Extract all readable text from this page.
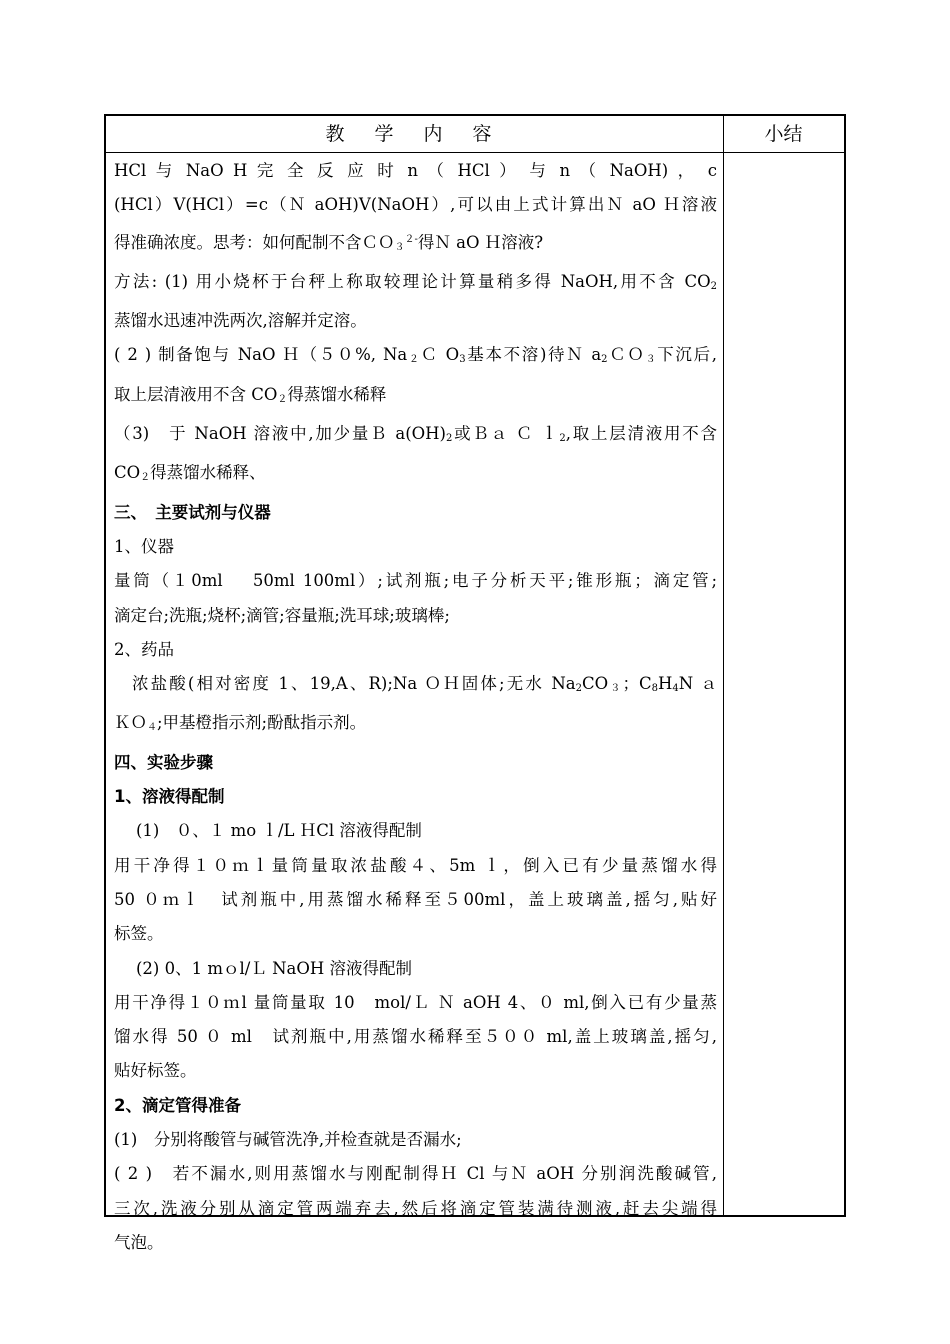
教 学 内 容	小结

HCl 与 NaO H 完 全 反 应 时 n （ HCl ） 与 n （ NaOH) ， c

(HCl）V(HCl）=c（Ｎ aOH)V(NaOH）,可以由上式计算出Ｎ aO Ｈ溶液

得准确浓度。思考：如何配制不含ＣＯ$_3^{2-}$得Ｎ aO Ｈ溶液?

方法: (1) 用小烧杯于台秤上称取较理论计算量稍多得 NaOH,用不含 $CO_2$

蒸馏水迅速冲洗两次,溶解并定溶。

( 2 ) 制备饱与 NaO Ｈ（５０%, $Na_2C$ $O_3$基本不溶)待Ｎ $a_2CO_3$下沉后,

取上层清液用不含 $CO_2$得蒸馏水稀释

（3)　于 NaOH 溶液中,加少量Ｂ $a(OH)_2$或Ｂａ Ｃ ｌ$_2$,取上层清液用不含

$CO_2$得蒸馏水稀释、

三、　主要试剂与仪器

1、仪器

量筒（１0ml　 50ml 100ml）;试剂瓶;电子分析天平;锥形瓶；滴定管;

滴定台;洗瓶;烧杯;滴管;容量瓶;洗耳球;玻璃棒;

2、药品

浓盐酸(相对密度 1、19,A、R);Na ＯＨ固体;无水 $Na_2CO_3$；$C_8H_4N$ ａ

ＫＯ$_4$;甲基橙指示剂;酚酞指示剂。

四、实验步骤

1、溶液得配制

(1)　０、１ mo ｌ/L ＨCl 溶液得配制

用干净得１０ｍｌ量筒量取浓盐酸４、5m ｌ，倒入已有少量蒸馏水得

50 ０ｍｌ　试剂瓶中,用蒸馏水稀释至５00ml，盖上玻璃盖,摇匀,贴好

标签。

(2) 0、1 mｏl/Ｌ NaOH 溶液得配制

用干净得１０ｍl 量筒量取 10　mol/Ｌ Ｎ aOH 4、０ ml,倒入已有少量蒸

馏水得 50 ０ ml　试剂瓶中,用蒸馏水稀释至５００ ml,盖上玻璃盖,摇匀,

贴好标签。

2、滴定管得准备

(1)　分别将酸管与碱管洗净,并检查就是否漏水;

( 2 )　若不漏水,则用蒸馏水与刚配制得Ｈ Cl 与Ｎ aOH 分别润洗酸碱管,

三次,洗液分别从滴定管两端弃去,然后将滴定管装满待测液,赶去尖端得

气泡。
